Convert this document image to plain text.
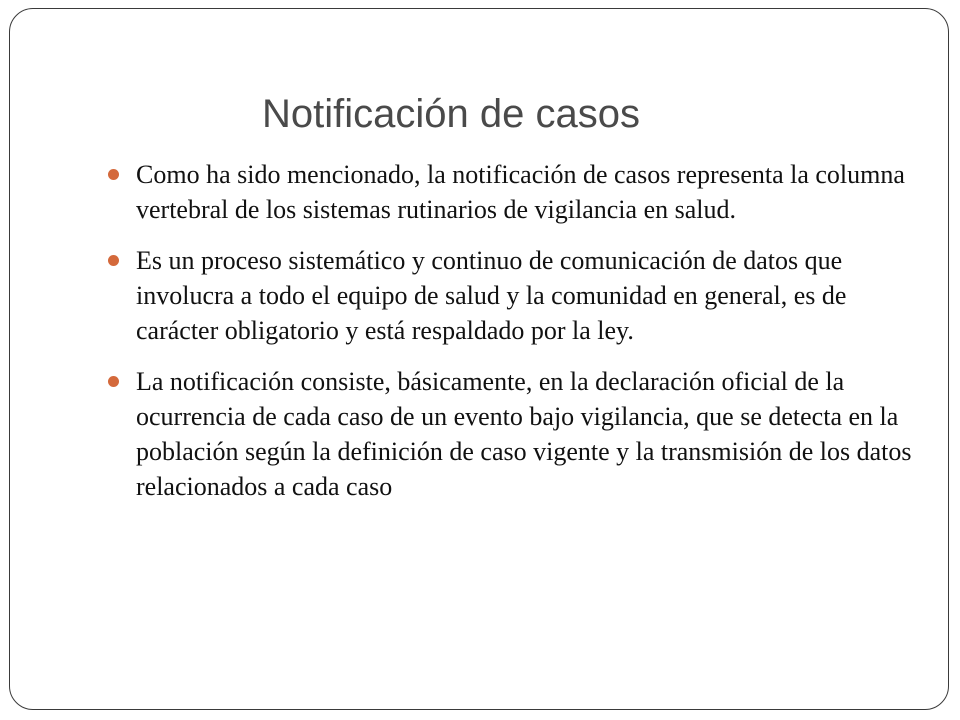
Notificación de casos
Como ha sido mencionado, la notificación de casos representa la columna vertebral de los sistemas rutinarios de vigilancia en salud.
Es un proceso sistemático y continuo de comunicación de datos que involucra a todo el equipo de salud y la comunidad en general, es de carácter obligatorio y está respaldado por la ley.
La notificación consiste, básicamente, en la declaración oficial de la ocurrencia de cada caso de un evento bajo vigilancia, que se detecta en la población según la definición de caso vigente y la transmisión de los datos relacionados a cada caso
